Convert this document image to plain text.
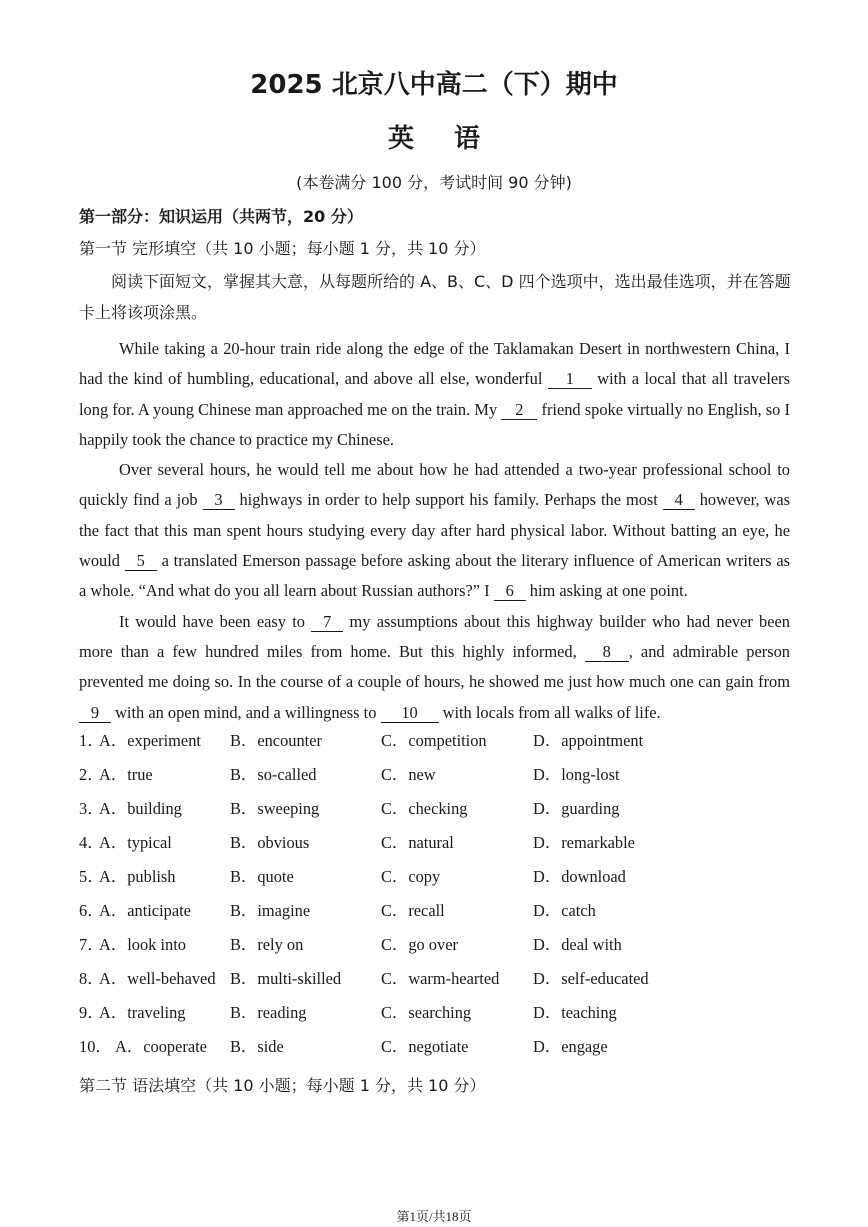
2025 北京八中高二（下）期中
英语
(本卷满分 100 分，考试时间 90 分钟)
第一部分：知识运用（共两节，20 分）
第一节 完形填空（共 10 小题；每小题 1 分，共 10 分）
阅读下面短文，掌握其大意，从每题所给的 A、B、C、D 四个选项中，选出最佳选项，并在答题卡上将该项涂黑。

While taking a 20-hour train ride along the edge of the Taklamakan Desert in northwestern China, I had the kind of humbling, educational, and above all else, wonderful 1 with a local that all travelers long for. A young Chinese man approached me on the train. My 2 friend spoke virtually no English, so I happily took the chance to practice my Chinese.

Over several hours, he would tell me about how he had attended a two-year professional school to quickly find a job 3 highways in order to help support his family. Perhaps the most 4 however, was the fact that this man spent hours studying every day after hard physical labor. Without batting an eye, he would 5 a translated Emerson passage before asking about the literary influence of American writers as a whole. “And what do you all learn about Russian authors?” I 6 him asking at one point.

It would have been easy to 7 my assumptions about this highway builder who had never been more than a few hundred miles from home. But this highly informed, 8 , and admirable person prevented me doing so. In the course of a couple of hours, he showed me just how much one can gain from 9 with an open mind, and a willingness to 10 with locals from all walks of life.

1．
A．experiment B．encounter	C．competition	D．appointment
2．
A．true	B．so-called	C．new	D．long-lost
3．
A．building	B．sweeping	C．checking	D．guarding
4．
A．typical	B．obvious	C．natural	D．remarkable
5．
A．publish	B．quote	C．copy	D．download
6．
A．anticipate B．imagine	C．recall	D．catch
7．
A．look into	B．rely on	C．go over	D．deal with
8．
A．well-behaved B．multi-skilled C．warm-hearted D．self-educated
9．
A．traveling	B．reading	C．searching	D．teaching
10． A．cooperate B．side	C．negotiate	D．engage
第二节 语法填空（共 10 小题；每小题 1 分，共 10 分）
第1页/共18页
